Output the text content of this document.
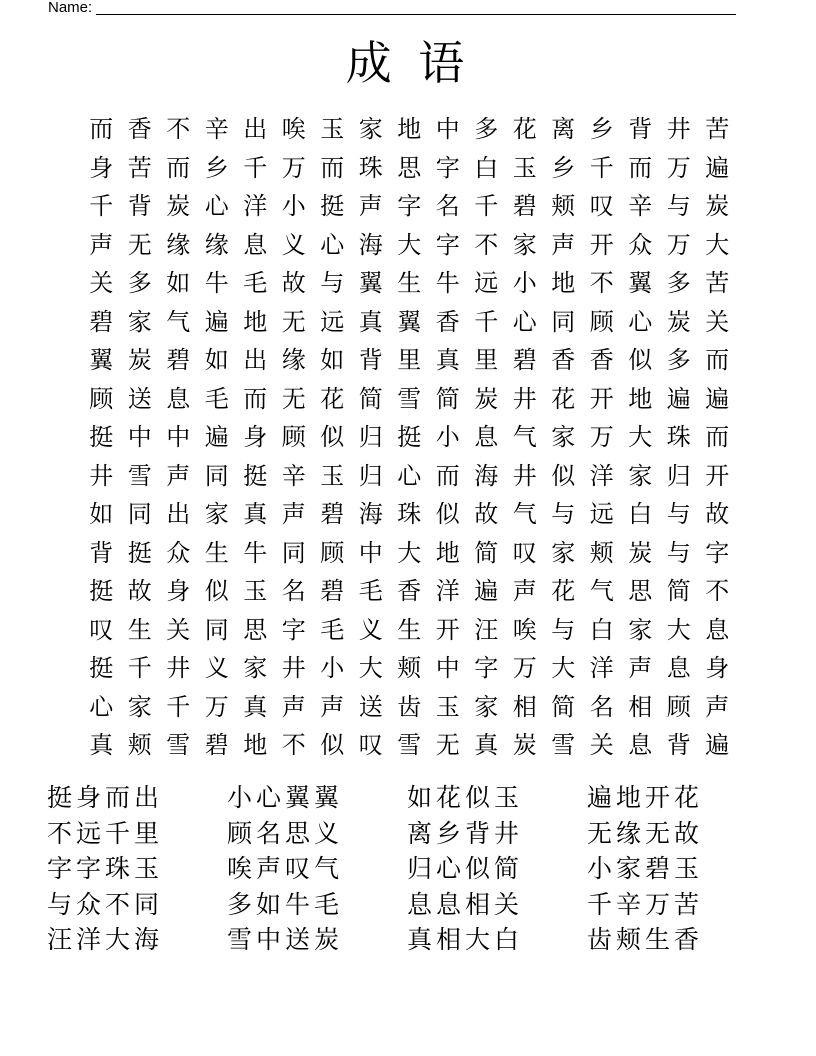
Name:
成 语
而 香 不 辛 出 唉 玉 家 地 中 多 花 离 乡 背 井 苦
身 苦 而 乡 千 万 而 珠 思 字 白 玉 乡 千 而 万 遍
千 背 炭 心 洋 小 挺 声 字 名 千 碧 颊 叹 辛 与 炭
声 无 缘 缘 息 义 心 海 大 字 不 家 声 开 众 万 大
关 多 如 牛 毛 故 与 翼 生 牛 远 小 地 不 翼 多 苦
碧 家 气 遍 地 无 远 真 翼 香 千 心 同 顾 心 炭 关
翼 炭 碧 如 出 缘 如 背 里 真 里 碧 香 香 似 多 而
顾 送 息 毛 而 无 花 简 雪 简 炭 井 花 开 地 遍 遍
挺 中 中 遍 身 顾 似 归 挺 小 息 气 家 万 大 珠 而
井 雪 声 同 挺 辛 玉 归 心 而 海 井 似 洋 家 归 开
如 同 出 家 真 声 碧 海 珠 似 故 气 与 远 白 与 故
背 挺 众 生 牛 同 顾 中 大 地 简 叹 家 颊 炭 与 字
挺 故 身 似 玉 名 碧 毛 香 洋 遍 声 花 气 思 简 不
叹 生 关 同 思 字 毛 义 生 开 汪 唉 与 白 家 大 息
挺 千 井 义 家 井 小 大 颊 中 字 万 大 洋 声 息 身
心 家 千 万 真 声 声 送 齿 玉 家 相 简 名 相 顾 声
真 颊 雪 碧 地 不 似 叹 雪 无 真 炭 雪 关 息 背 遍
挺身而出	小心翼翼	如花似玉	遍地开花
不远千里	顾名思义	离乡背井	无缘无故
字字珠玉	唉声叹气	归心似简	小家碧玉
与众不同	多如牛毛	息息相关	千辛万苦
汪洋大海	雪中送炭	真相大白	齿颊生香
